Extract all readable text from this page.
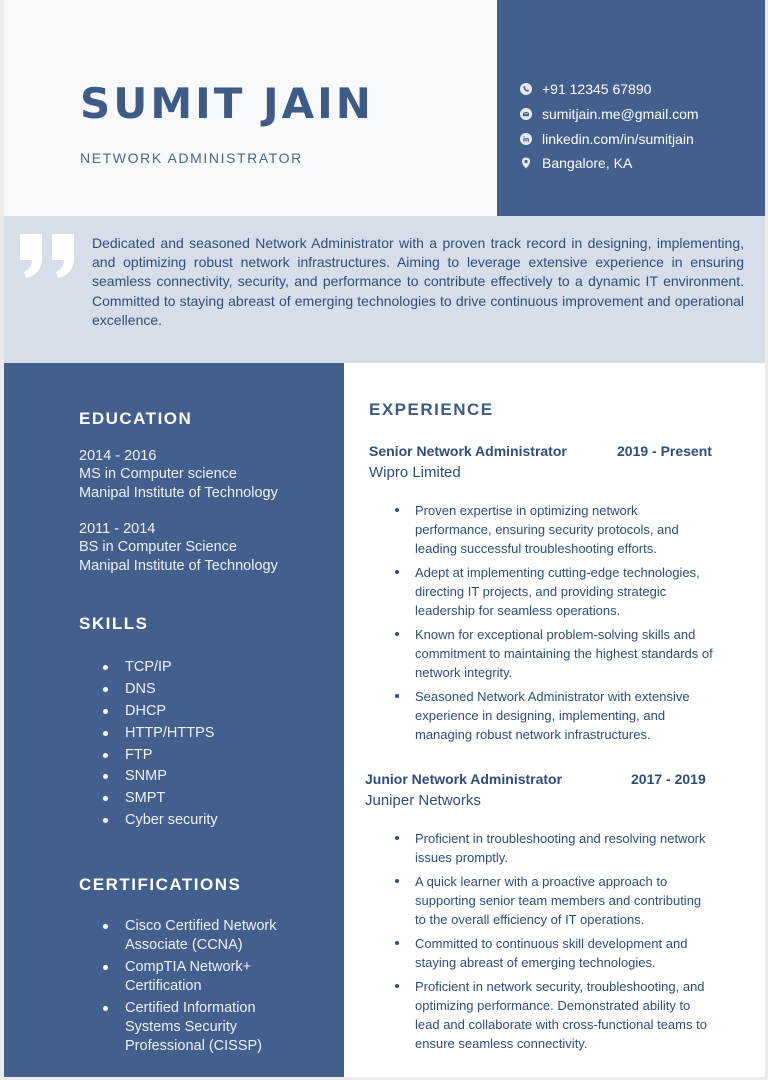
SUMIT JAIN
NETWORK ADMINISTRATOR
+91 12345 67890
sumitjain.me@gmail.com
linkedin.com/in/sumitjain
Bangalore, KA
Dedicated and seasoned Network Administrator with a proven track record in designing, implementing, and optimizing robust network infrastructures. Aiming to leverage extensive experience in ensuring seamless connectivity, security, and performance to contribute effectively to a dynamic IT environment. Committed to staying abreast of emerging technologies to drive continuous improvement and operational excellence.
EDUCATION
2014 - 2016
MS in Computer science
Manipal Institute of Technology
2011 - 2014
BS in Computer Science
Manipal Institute of Technology
SKILLS
TCP/IP
DNS
DHCP
HTTP/HTTPS
FTP
SNMP
SMPT
Cyber security
CERTIFICATIONS
Cisco Certified Network Associate (CCNA)
CompTIA Network+ Certification
Certified Information Systems Security Professional (CISSP)
EXPERIENCE
Senior Network Administrator	2019 - Present
Wipro Limited
Proven expertise in optimizing network performance, ensuring security protocols, and leading successful troubleshooting efforts.
Adept at implementing cutting-edge technologies, directing IT projects, and providing strategic leadership for seamless operations.
Known for exceptional problem-solving skills and commitment to maintaining the highest standards of network integrity.
Seasoned Network Administrator with extensive experience in designing, implementing, and managing robust network infrastructures.
Junior Network Administrator	2017 - 2019
Juniper Networks
Proficient in troubleshooting and resolving network issues promptly.
A quick learner with a proactive approach to supporting senior team members and contributing to the overall efficiency of IT operations.
Committed to continuous skill development and staying abreast of emerging technologies.
Proficient in network security, troubleshooting, and optimizing performance. Demonstrated ability to lead and collaborate with cross-functional teams to ensure seamless connectivity.
